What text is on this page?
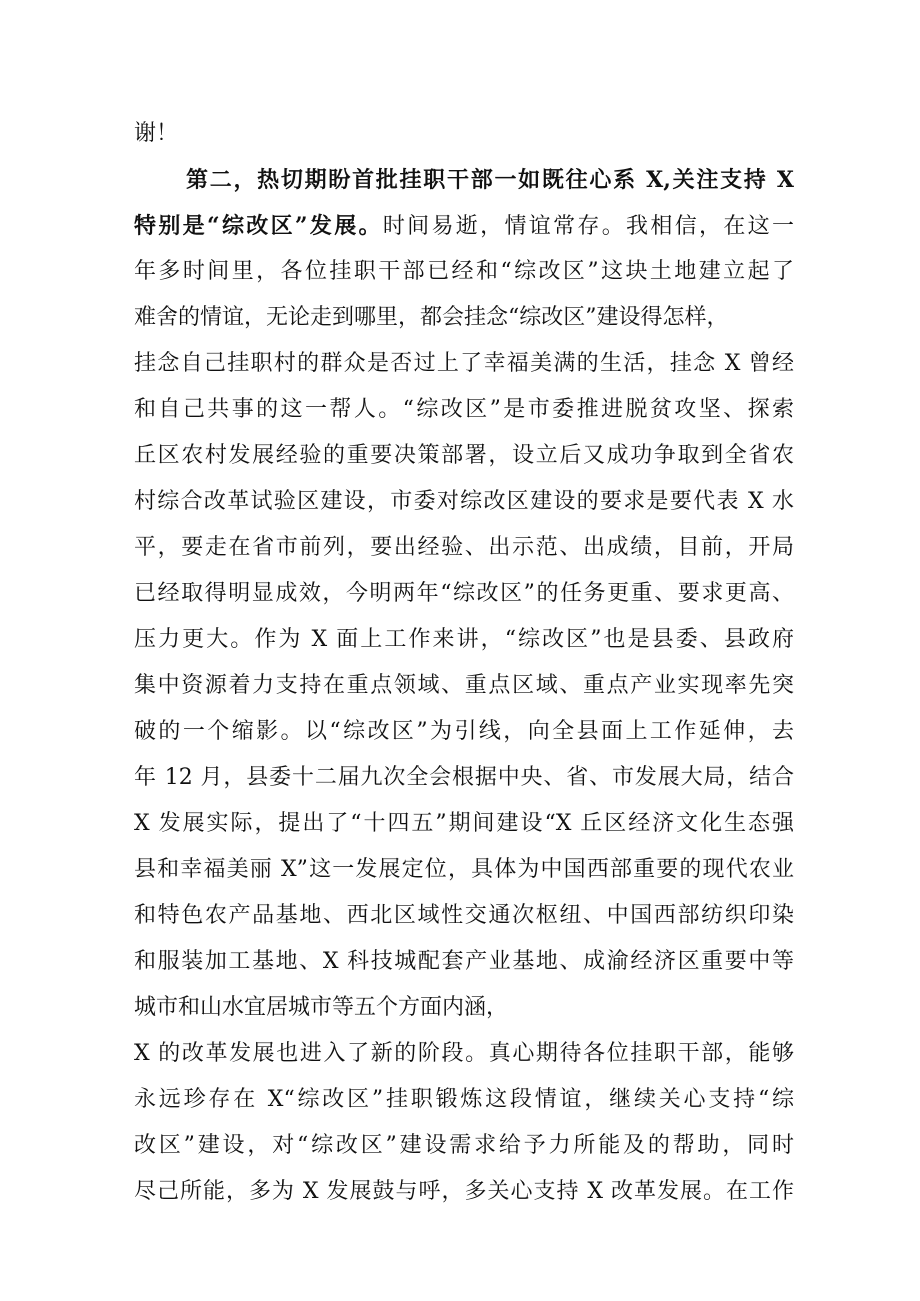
谢！
第二，热切期盼首批挂职干部一如既往心系 X,关注支持 X
特别是“综改区”发展。时间易逝，情谊常存。我相信，在这一
年多时间里，各位挂职干部已经和“综改区”这块土地建立起了
难舍的情谊，无论走到哪里，都会挂念“综改区”建设得怎样，
挂念自己挂职村的群众是否过上了幸福美满的生活，挂念 X 曾经
和自己共事的这一帮人。“综改区”是市委推进脱贫攻坚、探索
丘区农村发展经验的重要决策部署，设立后又成功争取到全省农
村综合改革试验区建设，市委对综改区建设的要求是要代表 X 水
平，要走在省市前列，要出经验、出示范、出成绩，目前，开局
已经取得明显成效，今明两年“综改区”的任务更重、要求更高、
压力更大。作为 X 面上工作来讲，“综改区”也是县委、县政府
集中资源着力支持在重点领域、重点区域、重点产业实现率先突
破的一个缩影。以“综改区”为引线，向全县面上工作延伸，去
年 12 月，县委十二届九次全会根据中央、省、市发展大局，结合
X 发展实际，提出了“十四五”期间建设“X 丘区经济文化生态强
县和幸福美丽 X”这一发展定位，具体为中国西部重要的现代农业
和特色农产品基地、西北区域性交通次枢纽、中国西部纺织印染
和服装加工基地、X 科技城配套产业基地、成渝经济区重要中等
城市和山水宜居城市等五个方面内涵，
X 的改革发展也进入了新的阶段。真心期待各位挂职干部，能够
永远珍存在 X“综改区”挂职锻炼这段情谊，继续关心支持“综
改区”建设，对“综改区”建设需求给予力所能及的帮助，同时
尽己所能，多为 X 发展鼓与呼，多关心支持 X 改革发展。在工作
